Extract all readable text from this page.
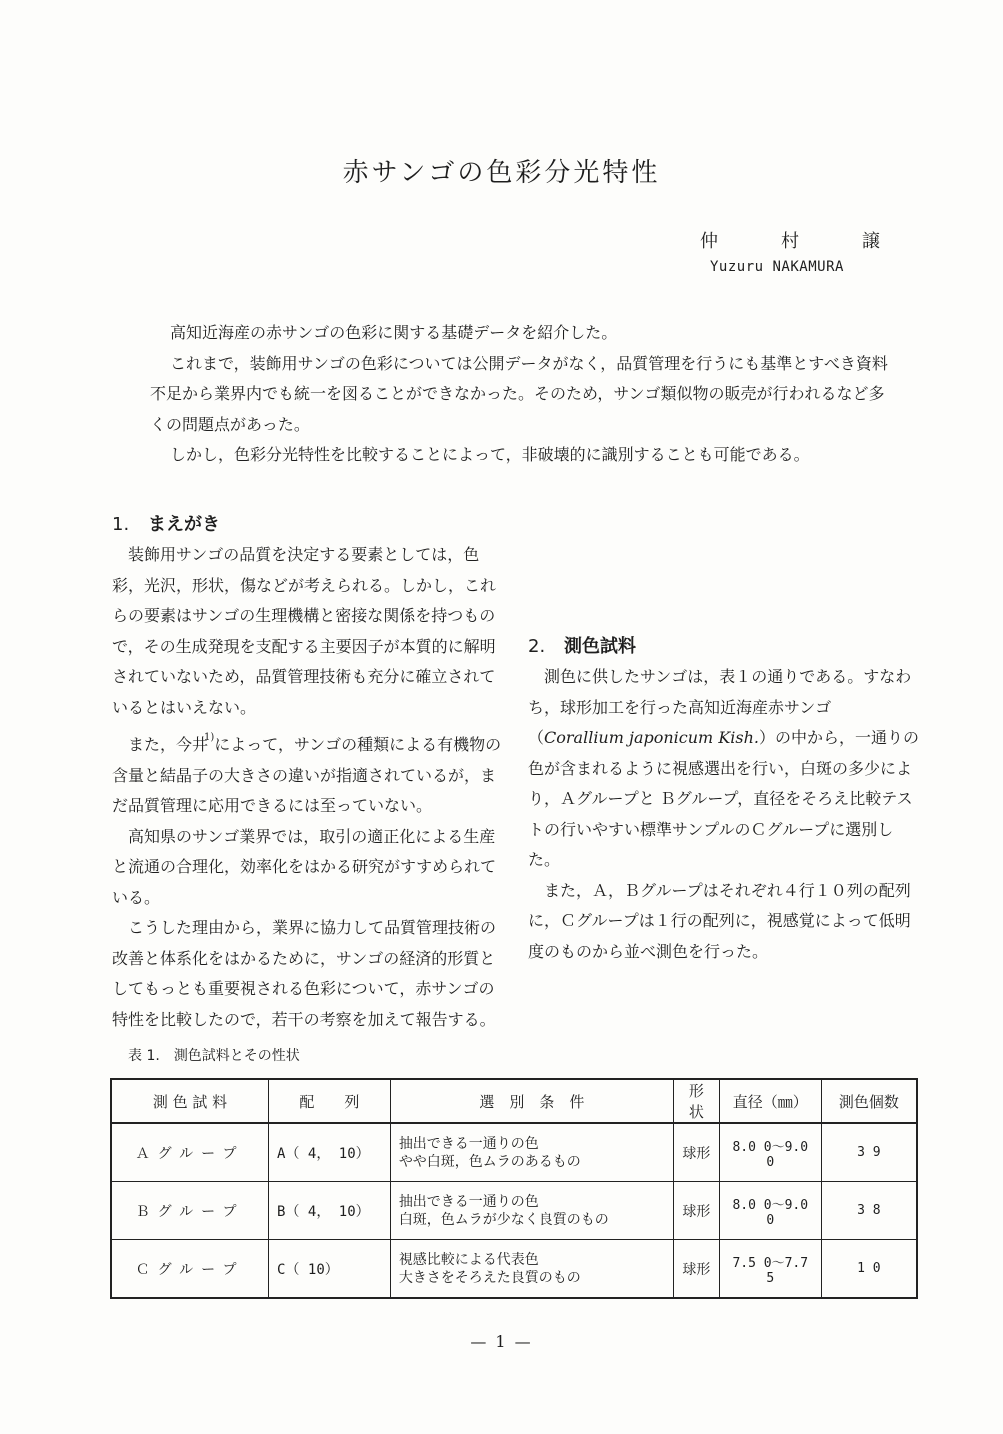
赤サンゴの色彩分光特性
仲	村	譲
Yuzuru NAKAMURA

高知近海産の赤サンゴの色彩に関する基礎データを紹介した。

これまで，装飾用サンゴの色彩については公開データがなく，品質管理を行うにも基準とすべき資料不足から業界内でも統一を図ることができなかった。そのため，サンゴ類似物の販売が行われるなど多くの問題点があった。

しかし，色彩分光特性を比較することによって，非破壊的に識別することも可能である。

1. まえがき

装飾用サンゴの品質を決定する要素としては，色彩，光沢，形状，傷などが考えられる。しかし，これらの要素はサンゴの生理機構と密接な関係を持つもので，その生成発現を支配する主要因子が本質的に解明されていないため，品質管理技術も充分に確立されているとはいえない。

また，今井$^{1)}$によって，サンゴの種類による有機物の含量と結晶子の大きさの違いが指適されているが，まだ品質管理に応用できるには至っていない。

高知県のサンゴ業界では，取引の適正化による生産と流通の合理化，効率化をはかる研究がすすめられている。

こうした理由から，業界に協力して品質管理技術の改善と体系化をはかるために，サンゴの経済的形質としてもっとも重要視される色彩について，赤サンゴの特性を比較したので，若干の考察を加えて報告する。

2. 測色試料

測色に供したサンゴは，表１の通りである。すなわち，球形加工を行った高知近海産赤サンゴ（Corallium japonicum Kish.）の中から，一通りの色が含まれるように視感選出を行い，白斑の多少により，Ａグループと Ｂグループ，直径をそろえ比較テストの行いやすい標準サンプルのＣグループに選別した。

また，Ａ，Ｂグループはそれぞれ４行１０列の配列に，Ｃグループは１行の配列に，視感覚によって低明度のものから並べ測色を行った。

表 1. 測色試料とその性状
測 色 試 料	配　　列	選　別　条　件	形状	直径（㎜）	測色個数
Ａグループ	A（ 4， 10）	抽出できる一通りの色
やや白斑，色ムラのあるもの	球形	8.0 0〜9.0 0	3 9
Ｂグループ	B（ 4， 10）	抽出できる一通りの色
白斑，色ムラが少なく良質のもの	球形	8.0 0〜9.0 0	3 8
Ｃグループ	C（ 10）	視感比較による代表色
大きさをそろえた良質のもの	球形	7.5 0〜7.7 5	1 0
— 1 —
